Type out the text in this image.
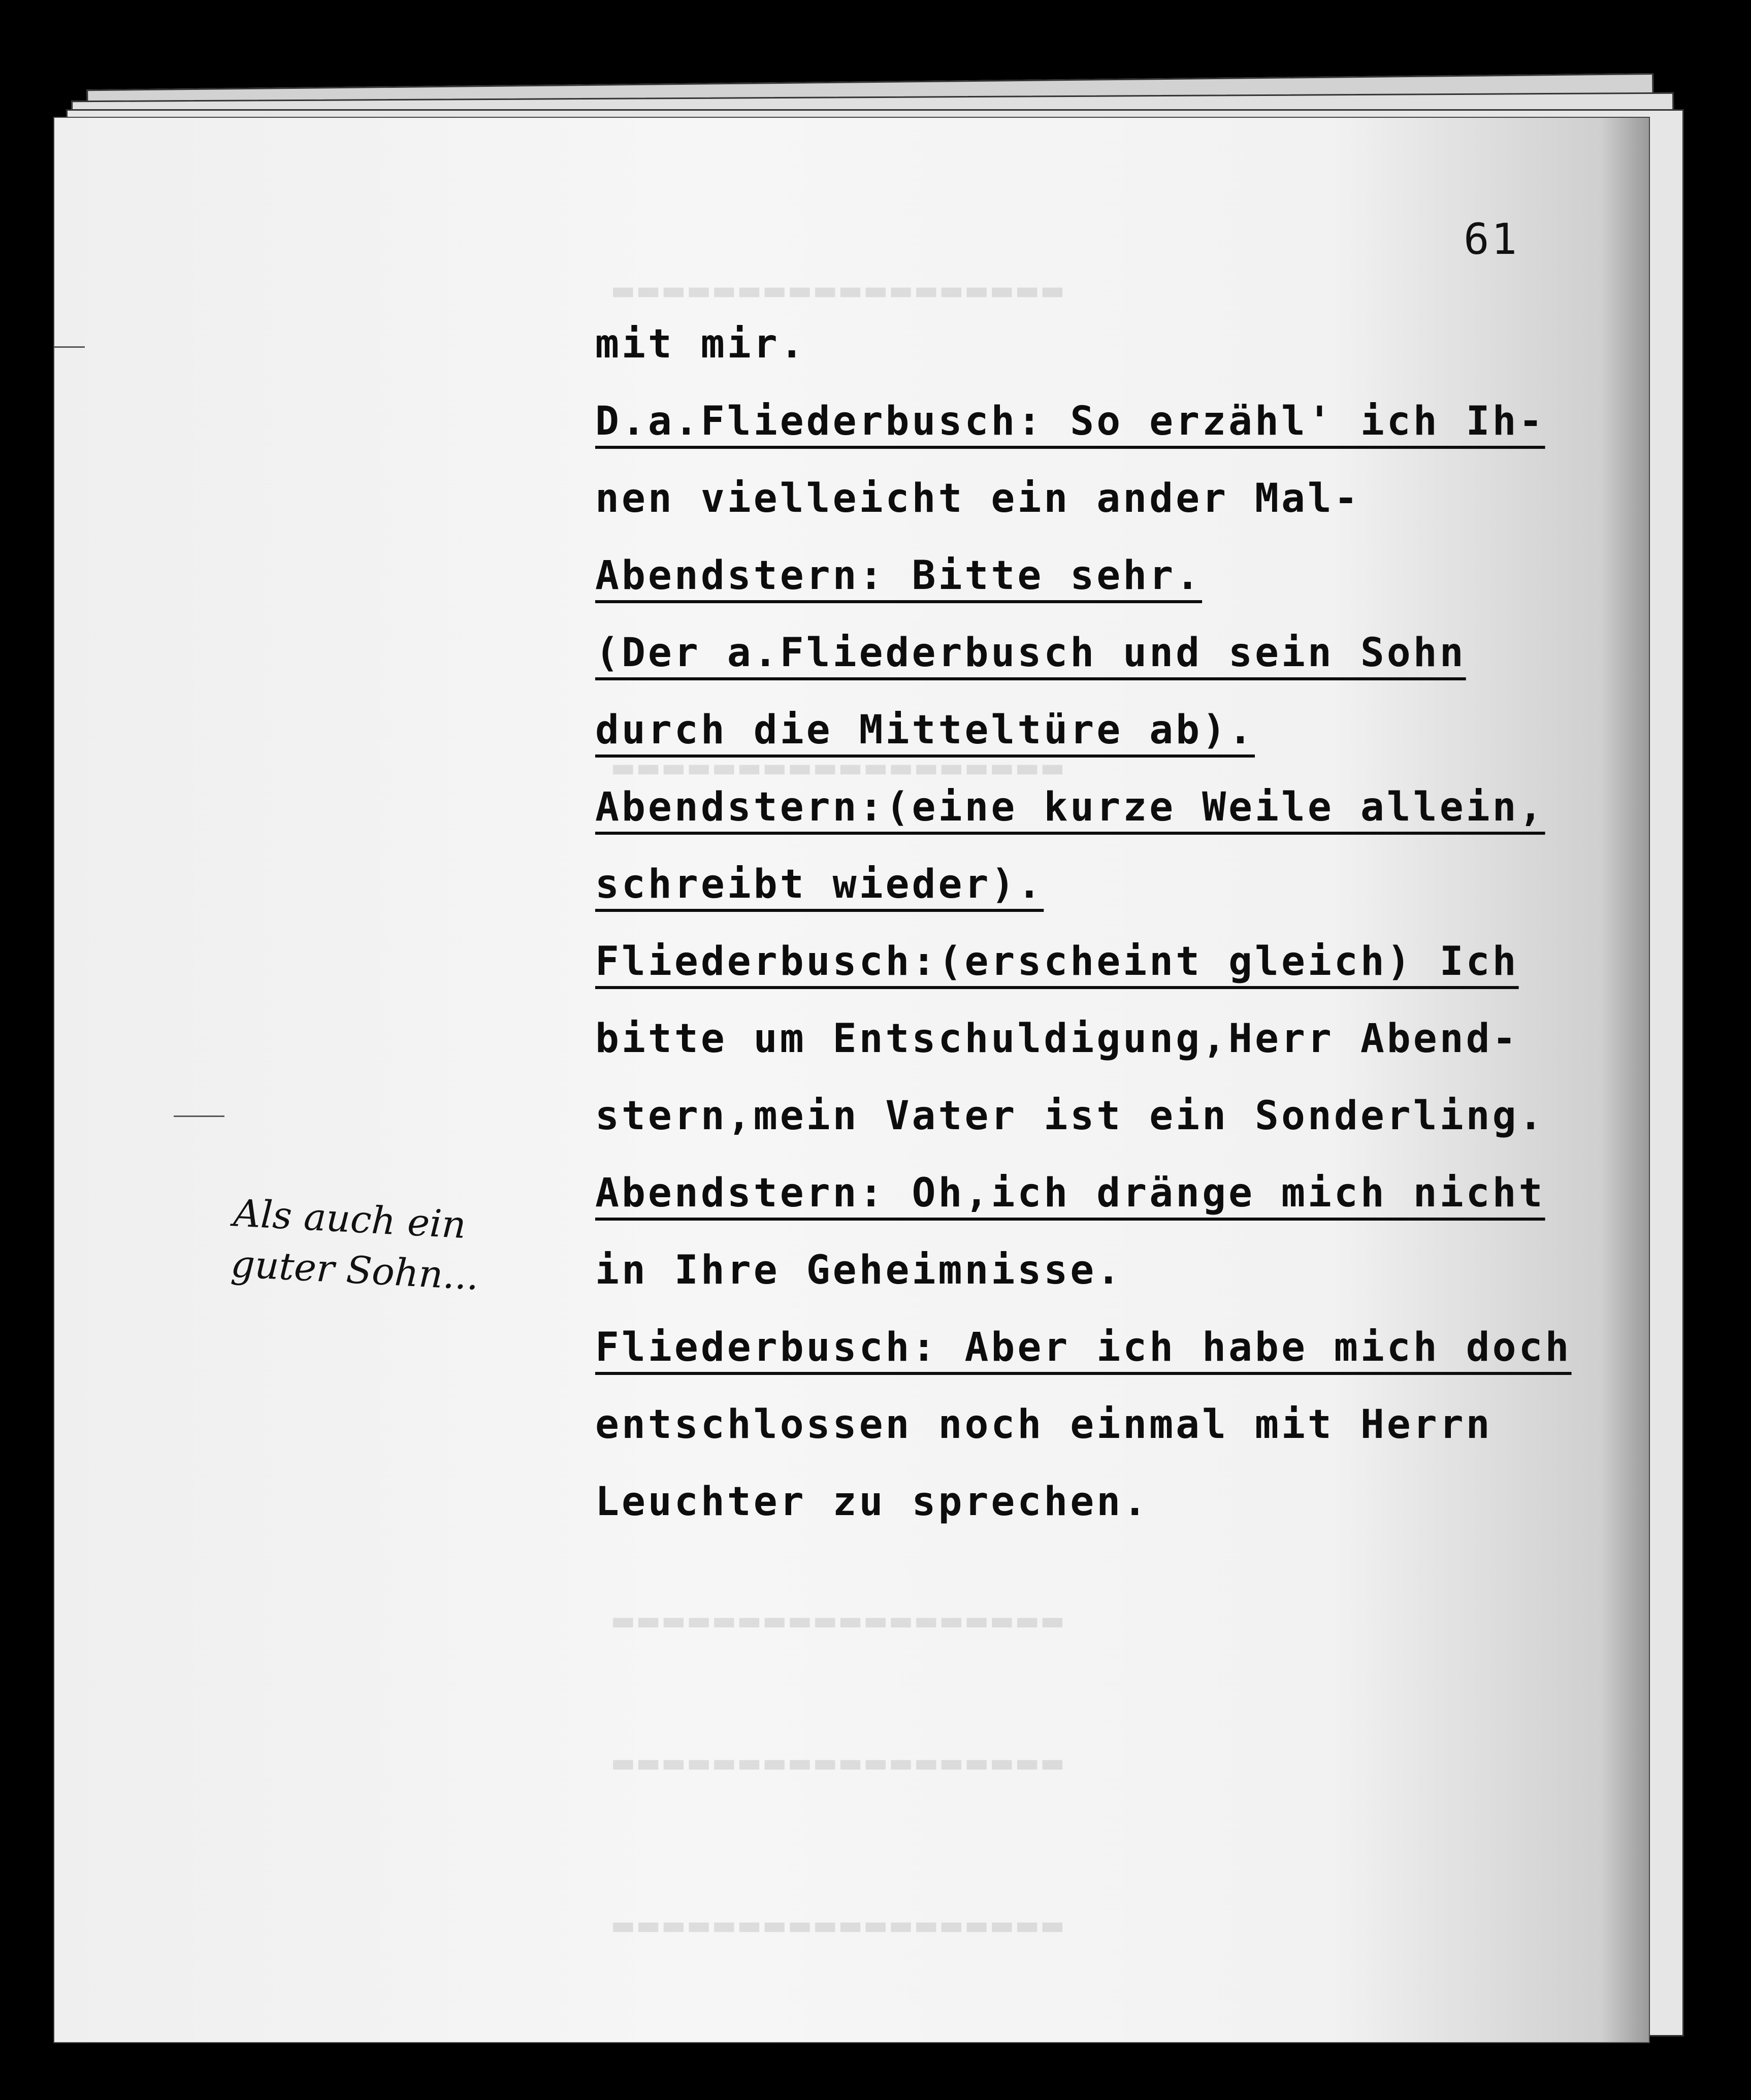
▬▬▬▬▬▬▬▬▬▬▬▬▬▬▬▬▬▬
▬▬▬▬▬▬▬▬▬▬▬▬▬▬▬▬▬▬
▬▬▬▬▬▬▬▬▬▬▬▬▬▬▬▬▬▬
▬▬▬▬▬▬▬▬▬▬▬▬▬▬▬▬▬▬
▬▬▬▬▬▬▬▬▬▬▬▬▬▬▬▬▬▬
61
mit mir.
D.a.Fliederbusch: So erzähl' ich Ih-
nen vielleicht ein ander Mal-
Abendstern: Bitte sehr.
(Der a.Fliederbusch und sein Sohn
durch die Mitteltüre ab).
Abendstern:(eine kurze Weile allein,
schreibt wieder).
Fliederbusch:(erscheint gleich) Ich
bitte um Entschuldigung,Herr Abend-
stern,mein Vater ist ein Sonderling.
Abendstern: Oh,ich dränge mich nicht
in Ihre Geheimnisse.
Fliederbusch: Aber ich habe mich doch
entschlossen noch einmal mit Herrn
Leuchter zu sprechen.
Als auch ein
guter Sohn...
